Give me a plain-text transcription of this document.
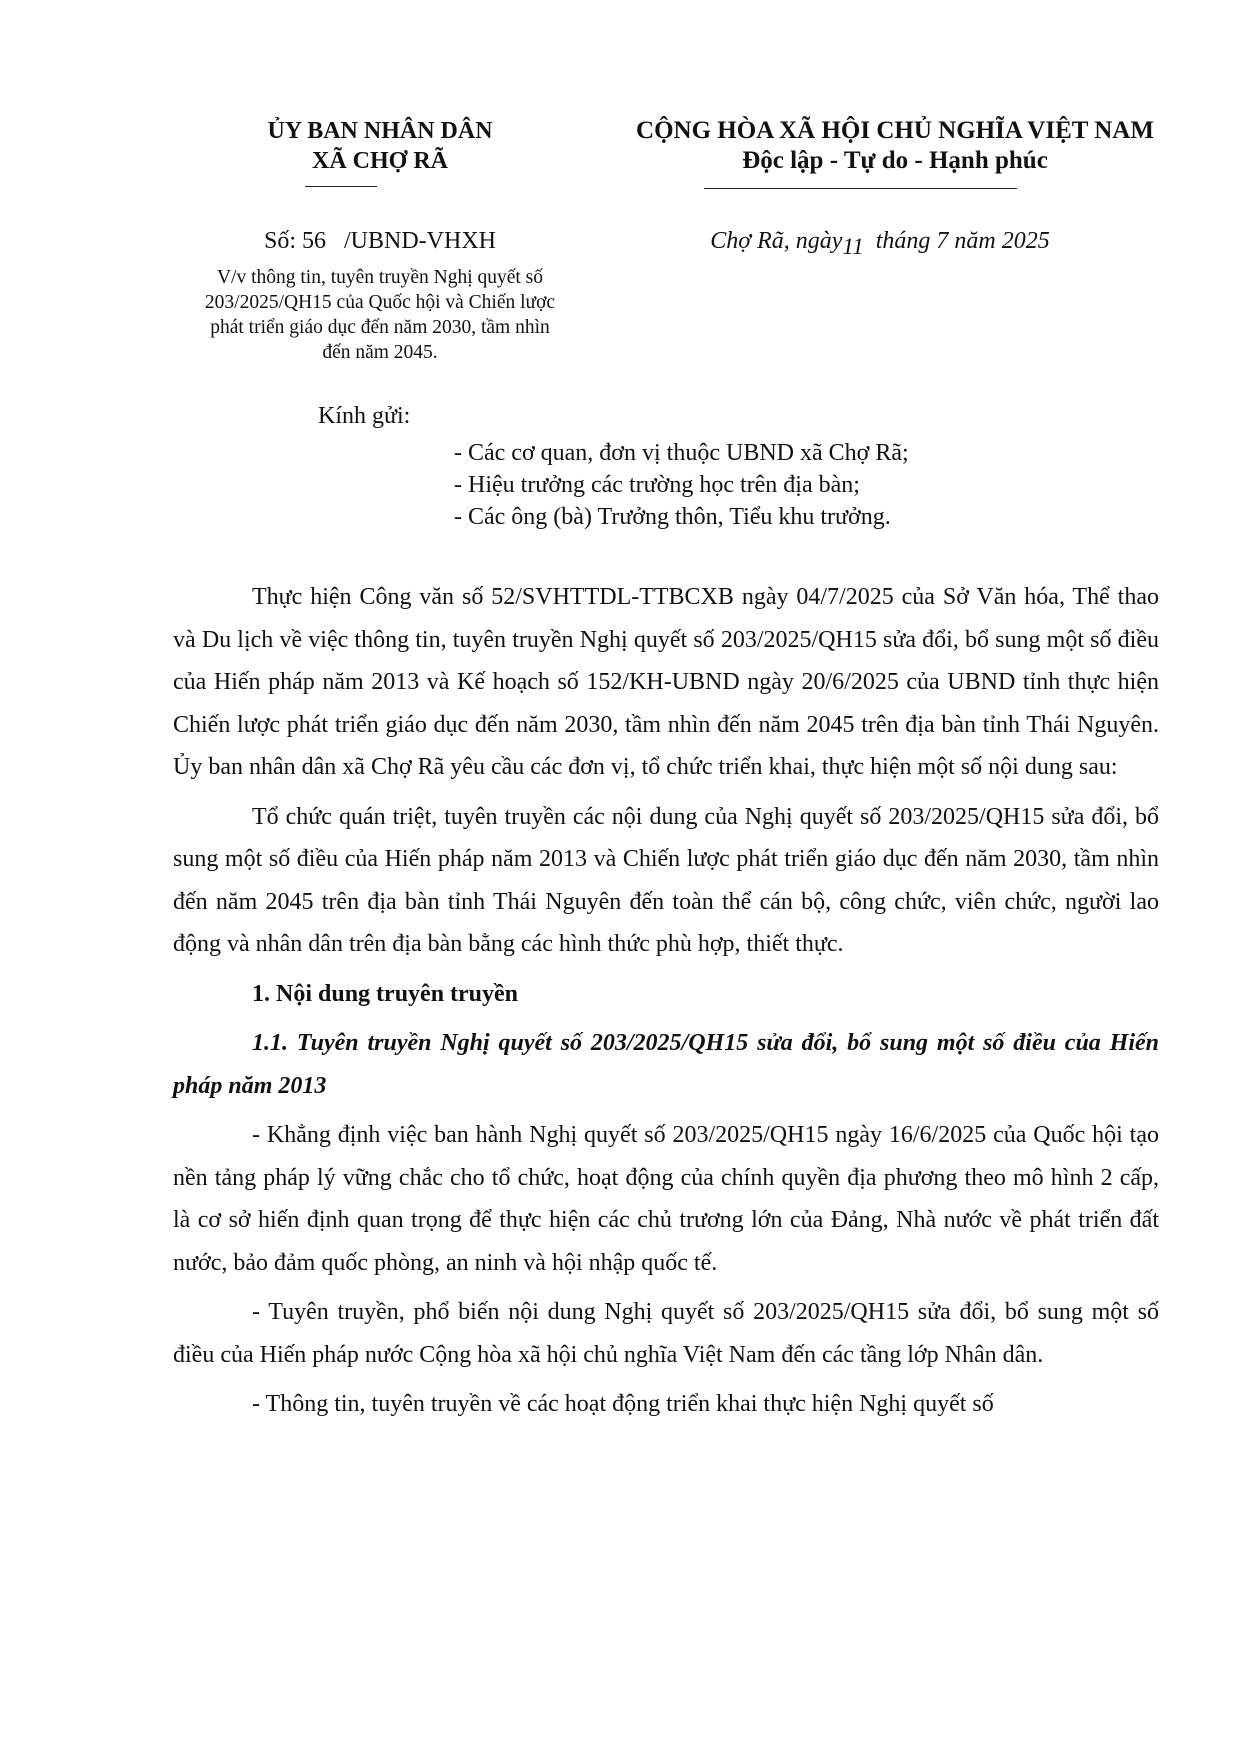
ỦY BAN NHÂN DÂN
XÃ CHỢ RÃ
CỘNG HÒA XÃ HỘI CHỦ NGHĨA VIỆT NAM
Độc lập - Tự do - Hạnh phúc
Số: 56   /UBND-VHXH
V/v thông tin, tuyên truyền Nghị quyết số 203/2025/QH15 của Quốc hội và Chiến lược phát triển giáo dục đến năm 2030, tầm nhìn đến năm 2045.
Chợ Rã, ngày11  tháng 7 năm 2025
Kính gửi:
- Các cơ quan, đơn vị thuộc UBND xã Chợ Rã;
- Hiệu trưởng các trường học trên địa bàn;
- Các ông (bà) Trưởng thôn, Tiểu khu trưởng.

Thực hiện Công văn số 52/SVHTTDL-TTBCXB ngày 04/7/2025 của Sở Văn hóa, Thể thao và Du lịch về việc thông tin, tuyên truyền Nghị quyết số 203/2025/QH15 sửa đổi, bổ sung một số điều của Hiến pháp năm 2013 và Kế hoạch số 152/KH-UBND ngày 20/6/2025 của UBND tỉnh thực hiện Chiến lược phát triển giáo dục đến năm 2030, tầm nhìn đến năm 2045 trên địa bàn tỉnh Thái Nguyên. Ủy ban nhân dân xã Chợ Rã yêu cầu các đơn vị, tổ chức triển khai, thực hiện một số nội dung sau:

Tổ chức quán triệt, tuyên truyền các nội dung của Nghị quyết số 203/2025/QH15 sửa đổi, bổ sung một số điều của Hiến pháp năm 2013 và Chiến lược phát triển giáo dục đến năm 2030, tầm nhìn đến năm 2045 trên địa bàn tỉnh Thái Nguyên đến toàn thể cán bộ, công chức, viên chức, người lao động và nhân dân trên địa bàn bằng các hình thức phù hợp, thiết thực.

1. Nội dung truyên truyền

1.1. Tuyên truyền Nghị quyết số 203/2025/QH15 sửa đổi, bổ sung một số điều của Hiến pháp năm 2013

- Khẳng định việc ban hành Nghị quyết số 203/2025/QH15 ngày 16/6/2025 của Quốc hội tạo nền tảng pháp lý vững chắc cho tổ chức, hoạt động của chính quyền địa phương theo mô hình 2 cấp, là cơ sở hiến định quan trọng để thực hiện các chủ trương lớn của Đảng, Nhà nước về phát triển đất nước, bảo đảm quốc phòng, an ninh và hội nhập quốc tế.

- Tuyên truyền, phổ biến nội dung Nghị quyết số 203/2025/QH15 sửa đổi, bổ sung một số điều của Hiến pháp nước Cộng hòa xã hội chủ nghĩa Việt Nam đến các tầng lớp Nhân dân.

- Thông tin, tuyên truyền về các hoạt động triển khai thực hiện Nghị quyết số
